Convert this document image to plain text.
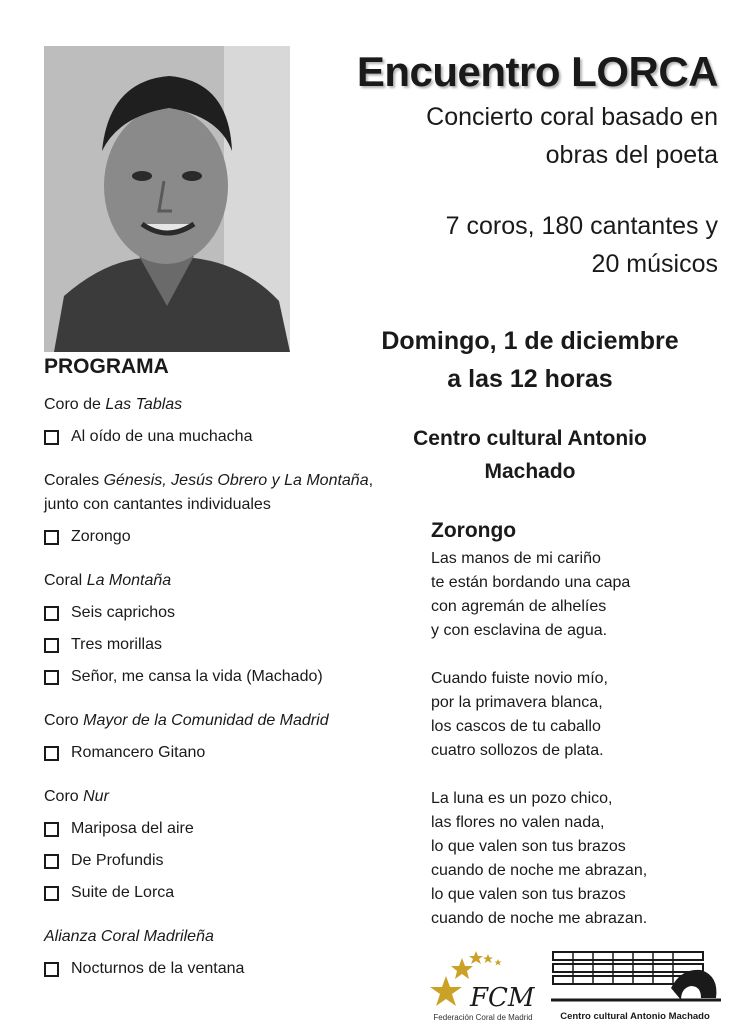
Encuentro LORCA
Concierto coral basado en
obras del poeta
7 coros, 180 cantantes y
20 músicos
Domingo, 1 de diciembre
a las 12 horas
Centro cultural Antonio
Machado
PROGRAMA
Coro de Las Tablas
Al oído de una muchacha
Corales Génesis, Jesús Obrero y La Montaña, junto con cantantes individuales
Zorongo
Coral La Montaña
Seis caprichos
Tres morillas
Señor, me cansa la vida (Machado)
Coro Mayor de la Comunidad de Madrid
Romancero Gitano
Coro Nur
Mariposa del aire
De Profundis
Suite de Lorca
Alianza Coral Madrileña
Nocturnos de la ventana
Zorongo
Las manos de mi cariño
te están bordando una capa
con agremán de alhelíes
y con esclavina de agua.
Cuando fuiste novio mío,
por la primavera blanca,
los cascos de tu caballo
cuatro sollozos de plata.
La luna es un pozo chico,
las flores no valen nada,
lo que valen son tus brazos
cuando de noche me abrazan,
lo que valen son tus brazos
cuando de noche me abrazan.
FCM
Federación Coral de Madrid	Centro cultural Antonio Machado
